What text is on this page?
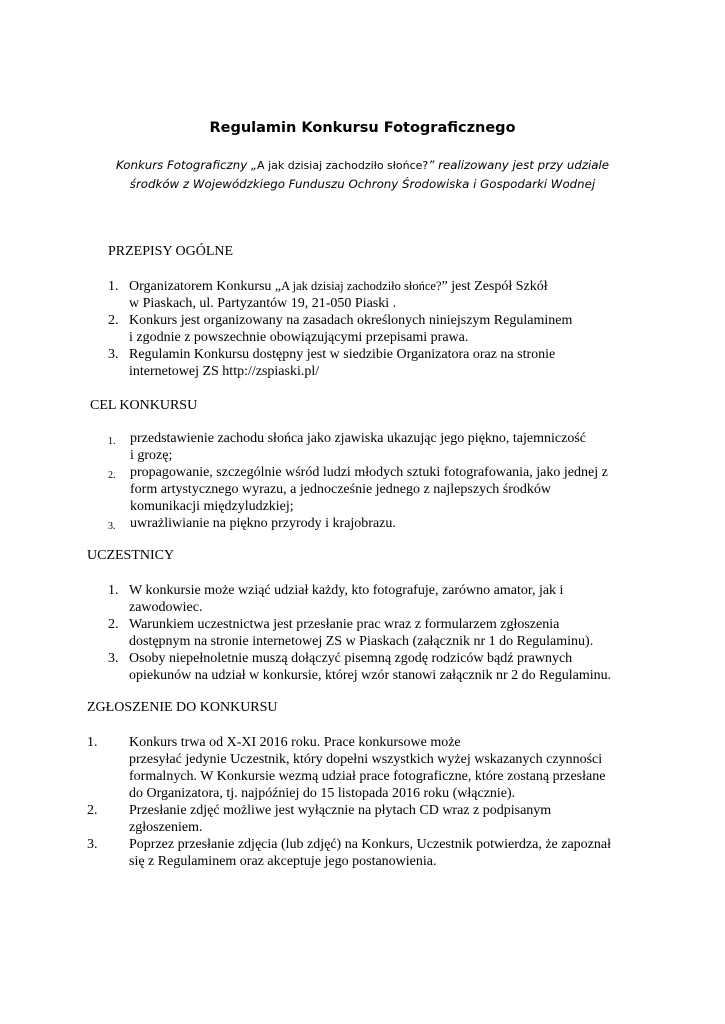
Regulamin Konkursu Fotograficznego
Konkurs Fotograficzny „A jak dzisiaj zachodziło słońce?” realizowany jest przy udziale
środków z Wojewódzkiego Funduszu Ochrony Środowiska i Gospodarki Wodnej
PRZEPISY OGÓLNE
1. Organizatorem Konkursu „A jak dzisiaj zachodziło słońce?” jest Zespół Szkół
w Piaskach, ul. Partyzantów 19, 21-050 Piaski .
2. Konkurs jest organizowany na zasadach określonych niniejszym Regulaminem
i zgodnie z powszechnie obowiązującymi przepisami prawa.
3. Regulamin Konkursu dostępny jest w siedzibie Organizatora oraz na stronie
internetowej ZS http://zspiaski.pl/
CEL KONKURSU
1. przedstawienie zachodu słońca jako zjawiska ukazując jego piękno, tajemniczość
i grozę;
2. propagowanie, szczególnie wśród ludzi młodych sztuki fotografowania, jako jednej z
form artystycznego wyrazu, a jednocześnie jednego z najlepszych środków
komunikacji międzyludzkiej;
3. uwrażliwianie na piękno przyrody i krajobrazu.
UCZESTNICY
1. W konkursie może wziąć udział każdy, kto fotografuje, zarówno amator, jak i
zawodowiec.
2. Warunkiem uczestnictwa jest przesłanie prac wraz z formularzem zgłoszenia
dostępnym na stronie internetowej ZS w Piaskach (załącznik nr 1 do Regulaminu).
3. Osoby niepełnoletnie muszą dołączyć pisemną zgodę rodziców bądź prawnych
opiekunów na udział w konkursie, której wzór stanowi załącznik nr 2 do Regulaminu.
ZGŁOSZENIE DO KONKURSU
1. Konkurs trwa od X-XI 2016 roku. Prace konkursowe może
przesyłać jedynie Uczestnik, który dopełni wszystkich wyżej wskazanych czynności
formalnych. W Konkursie wezmą udział prace fotograficzne, które zostaną przesłane
do Organizatora, tj. najpóźniej do 15 listopada 2016 roku (włącznie).
2. Przesłanie zdjęć możliwe jest wyłącznie na płytach CD wraz z podpisanym
zgłoszeniem.
3. Poprzez przesłanie zdjęcia (lub zdjęć) na Konkurs, Uczestnik potwierdza, że zapoznał
się z Regulaminem oraz akceptuje jego postanowienia.
